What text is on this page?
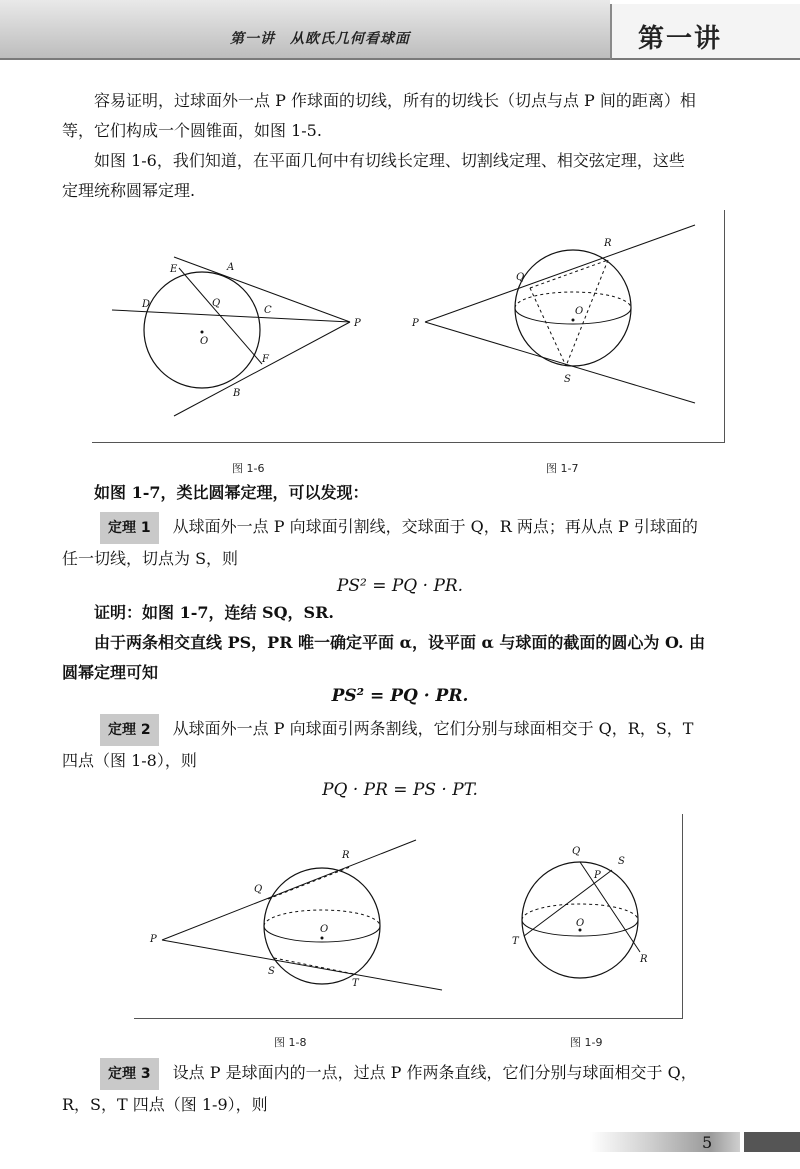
第一讲　从欧氏几何看球面	第一讲
容易证明，过球面外一点 P 作球面的切线，所有的切线长（切点与点 P 间的距离）相
等，它们构成一个圆锥面，如图 1-5.
如图 1-6，我们知道，在平面几何中有切线长定理、切割线定理、相交弦定理，这些
定理统称圆幂定理.
E	A
D	Q
C
P
O
F
B
R
Q
O
P
S
图 1-6	图 1-7
如图 1-7，类比圆幂定理，可以发现：
定理 1 从球面外一点 P 向球面引割线，交球面于 Q，R 两点；再从点 P 引球面的
任一切线，切点为 S，则
PS² = PQ · PR.
证明：如图 1-7，连结 SQ，SR.
由于两条相交直线 PS，PR 唯一确定平面 α，设平面 α 与球面的截面的圆心为 O. 由
圆幂定理可知
PS² = PQ · PR.
定理 2 从球面外一点 P 向球面引两条割线，它们分别与球面相交于 Q，R，S，T
四点（图 1-8），则
PQ · PR = PS · PT.
R
Q
O
P
S
T
Q
S
P
O
T
R
图 1-8	图 1-9
定理 3 设点 P 是球面内的一点，过点 P 作两条直线，它们分别与球面相交于 Q，
R，S，T 四点（图 1-9），则
5
